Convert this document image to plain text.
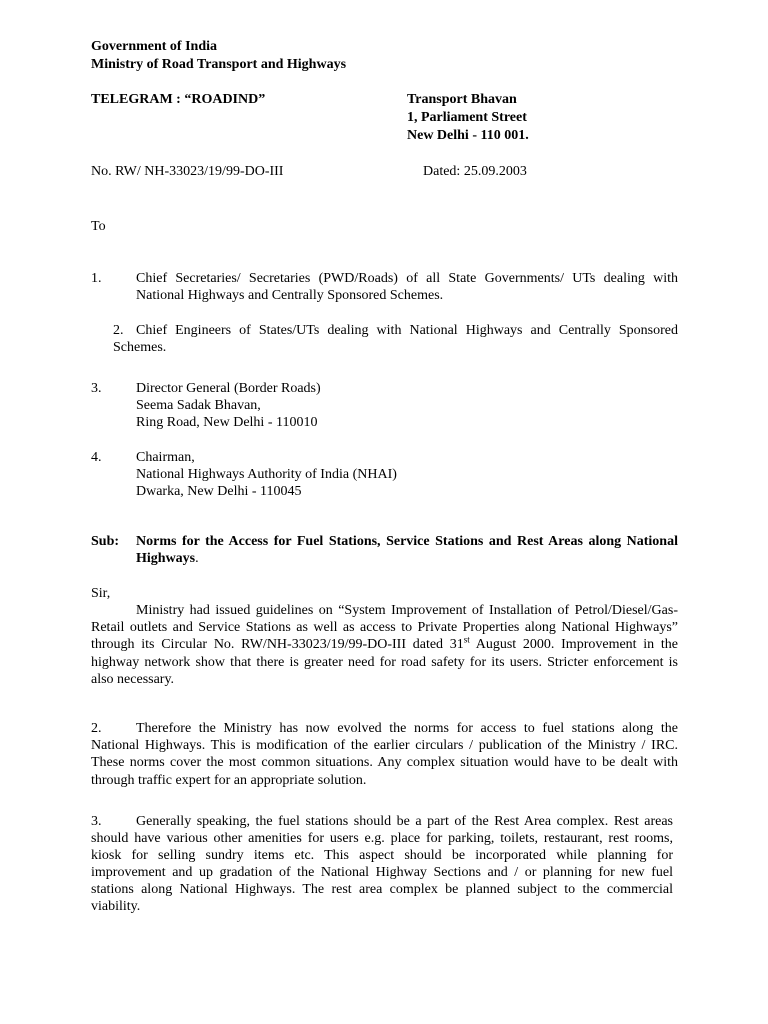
Government of India
Ministry of Road Transport and Highways
TELEGRAM : “ROADIND”	Transport Bhavan
1, Parliament Street
New Delhi - 110 001.
No. RW/ NH-33023/19/99-DO-III	Dated: 25.09.2003
To
1. Chief Secretaries/ Secretaries (PWD/Roads) of all State Governments/ UTs dealing with
National Highways and Centrally Sponsored Schemes.
2. Chief Engineers of States/UTs dealing with National Highways and Centrally Sponsored
Schemes.
3. Director General (Border Roads)
Seema Sadak Bhavan,
Ring Road, New Delhi - 110010
4. Chairman,
National Highways Authority of India (NHAI)
Dwarka, New Delhi - 110045
Sub: Norms for the Access for Fuel Stations, Service Stations and Rest Areas along National
Highways.
Sir,
Ministry had issued guidelines on “System Improvement of Installation of Petrol/Diesel/Gas-
Retail outlets and Service Stations as well as access to Private Properties along National Highways”
through its Circular No. RW/NH-33023/19/99-DO-III dated 31st August 2000. Improvement in the
highway network show that there is greater need for road safety for its users. Stricter enforcement is
also necessary.
2. Therefore the Ministry has now evolved the norms for access to fuel stations along the
National Highways. This is modification of the earlier circulars / publication of the Ministry / IRC.
These norms cover the most common situations. Any complex situation would have to be dealt with
through traffic expert for an appropriate solution.
3. Generally speaking, the fuel stations should be a part of the Rest Area complex. Rest areas
should have various other amenities for users e.g. place for parking, toilets, restaurant, rest rooms,
kiosk for selling sundry items etc. This aspect should be incorporated while planning for
improvement and up gradation of the National Highway Sections and / or planning for new fuel
stations along National Highways. The rest area complex be planned subject to the commercial
viability.
